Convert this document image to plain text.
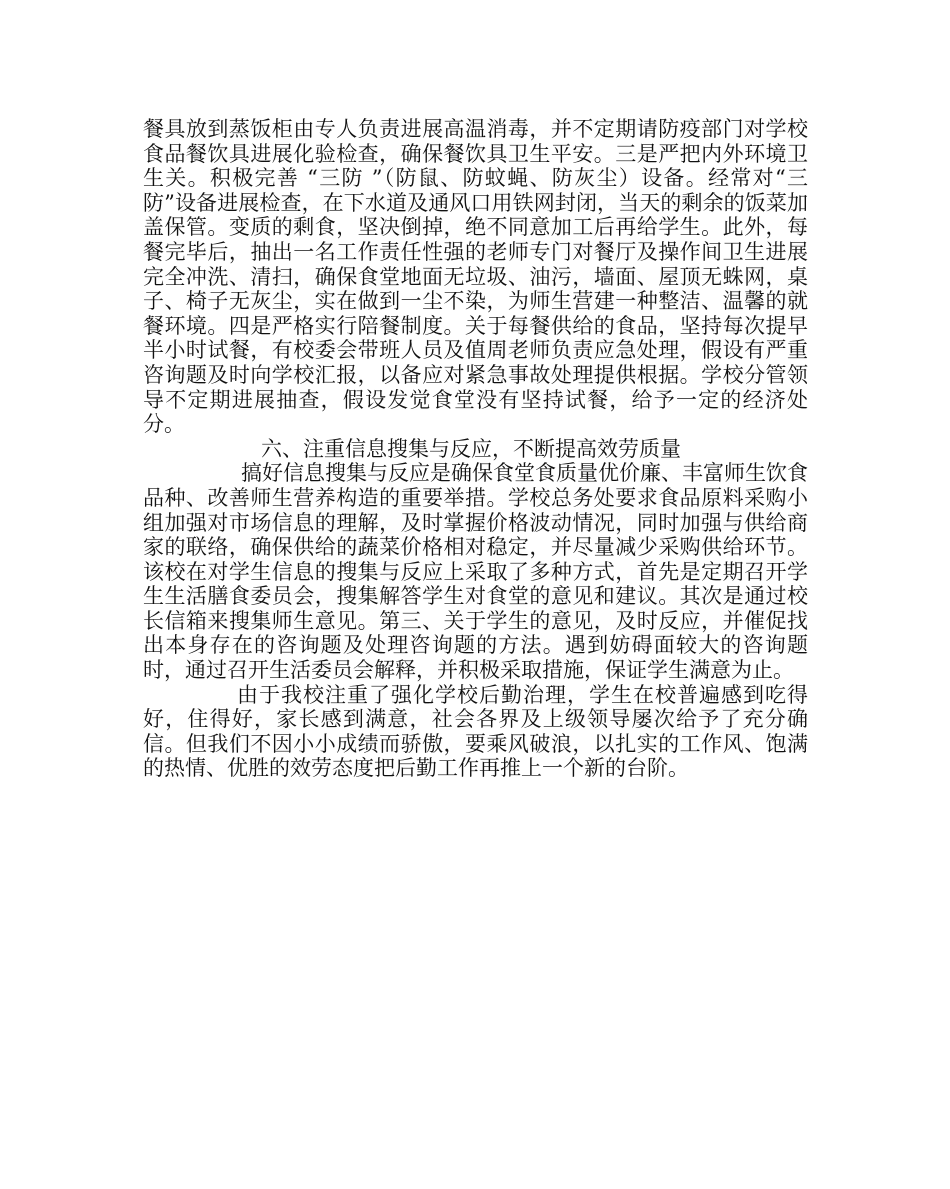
餐具放到蒸饭柜由专人负责进展高温消毒，并不定期请防疫部门对学校食品餐饮具进展化验检查，确保餐饮具卫生平安。三是严把内外环境卫生关。积极完善 “三防 ”（防鼠、防蚊蝇、防灰尘）设备。经常对“三防”设备进展检查，在下水道及通风口用铁网封闭，当天的剩余的饭菜加盖保管。变质的剩食，坚决倒掉，绝不同意加工后再给学生。此外，每餐完毕后，抽出一名工作责任性强的老师专门对餐厅及操作间卫生进展完全冲洗、清扫，确保食堂地面无垃圾、油污，墙面、屋顶无蛛网，桌子、椅子无灰尘，实在做到一尘不染，为师生营建一种整洁、温馨的就餐环境。四是严格实行陪餐制度。关于每餐供给的食品，坚持每次提早半小时试餐，有校委会带班人员及值周老师负责应急处理，假设有严重咨询题及时向学校汇报，以备应对紧急事故处理提供根据。学校分管领导不定期进展抽查，假设发觉食堂没有坚持试餐，给予一定的经济处分。

六、注重信息搜集与反应，不断提高效劳质量

搞好信息搜集与反应是确保食堂食质量优价廉、丰富师生饮食品种、改善师生营养构造的重要举措。学校总务处要求食品原料采购小组加强对市场信息的理解，及时掌握价格波动情况，同时加强与供给商家的联络，确保供给的蔬菜价格相对稳定，并尽量减少采购供给环节。该校在对学生信息的搜集与反应上采取了多种方式，首先是定期召开学生生活膳食委员会，搜集解答学生对食堂的意见和建议。其次是通过校长信箱来搜集师生意见。第三、关于学生的意见，及时反应，并催促找出本身存在的咨询题及处理咨询题的方法。遇到妨碍面较大的咨询题时，通过召开生活委员会解释，并积极采取措施，保证学生满意为止。

由于我校注重了强化学校后勤治理，学生在校普遍感到吃得好，住得好，家长感到满意，社会各界及上级领导屡次给予了充分确信。但我们不因小小成绩而骄傲，要乘风破浪，以扎实的工作风、饱满的热情、优胜的效劳态度把后勤工作再推上一个新的台阶。
